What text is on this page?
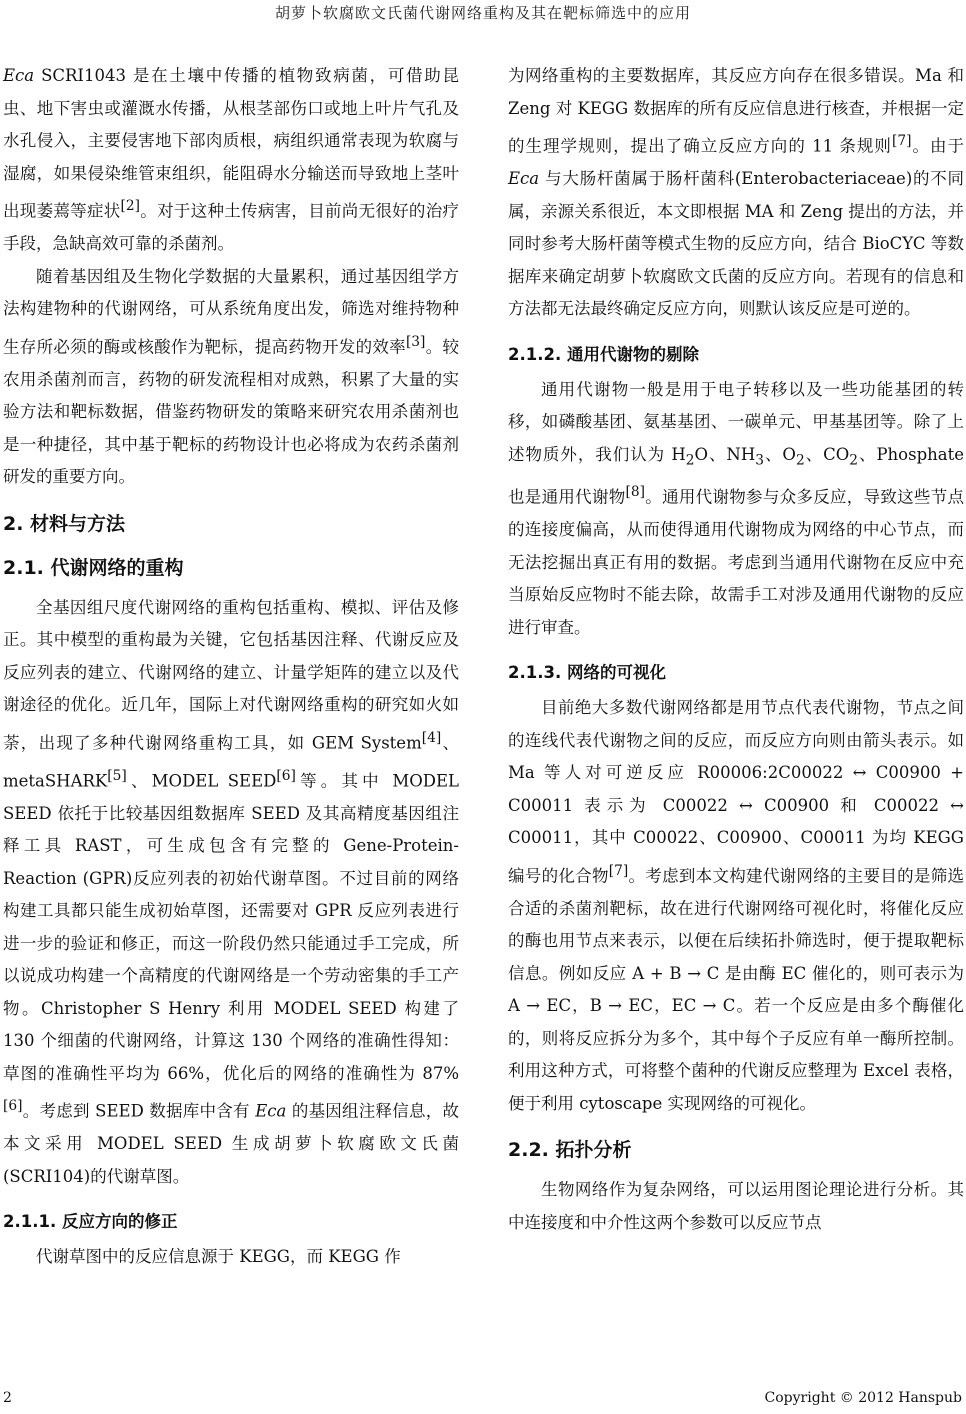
胡萝卜软腐欧文氏菌代谢网络重构及其在靶标筛选中的应用

Eca SCRI1043 是在土壤中传播的植物致病菌，可借助昆虫、地下害虫或灌溉水传播，从根茎部伤口或地上叶片气孔及水孔侵入，主要侵害地下部肉质根，病组织通常表现为软腐与湿腐，如果侵染维管束组织，能阻碍水分输送而导致地上茎叶出现萎蔫等症状[2]。对于这种土传病害，目前尚无很好的治疗手段，急缺高效可靠的杀菌剂。

随着基因组及生物化学数据的大量累积，通过基因组学方法构建物种的代谢网络，可从系统角度出发，筛选对维持物种生存所必须的酶或核酸作为靶标，提高药物开发的效率[3]。较农用杀菌剂而言，药物的研发流程相对成熟，积累了大量的实验方法和靶标数据，借鉴药物研发的策略来研究农用杀菌剂也是一种捷径，其中基于靶标的药物设计也必将成为农药杀菌剂研发的重要方向。

2. 材料与方法
2.1. 代谢网络的重构

全基因组尺度代谢网络的重构包括重构、模拟、评估及修正。其中模型的重构最为关键，它包括基因注释、代谢反应及反应列表的建立、代谢网络的建立、计量学矩阵的建立以及代谢途径的优化。近几年，国际上对代谢网络重构的研究如火如荼，出现了多种代谢网络重构工具，如 GEM System[4]、metaSHARK[5]、MODEL SEED[6]等。其中 MODEL SEED 依托于比较基因组数据库 SEED 及其高精度基因组注释工具 RAST，可生成包含有完整的 Gene-Protein-Reaction (GPR)反应列表的初始代谢草图。不过目前的网络构建工具都只能生成初始草图，还需要对 GPR 反应列表进行进一步的验证和修正，而这一阶段仍然只能通过手工完成，所以说成功构建一个高精度的代谢网络是一个劳动密集的手工产物。Christopher S Henry 利用 MODEL SEED 构建了 130 个细菌的代谢网络，计算这 130 个网络的准确性得知：草图的准确性平均为 66%，优化后的网络的准确性为 87%[6]。考虑到 SEED 数据库中含有 Eca 的基因组注释信息，故本文采用 MODEL SEED 生成胡萝卜软腐欧文氏菌(SCRI104)的代谢草图。

2.1.1. 反应方向的修正

代谢草图中的反应信息源于 KEGG，而 KEGG 作

为网络重构的主要数据库，其反应方向存在很多错误。Ma 和 Zeng 对 KEGG 数据库的所有反应信息进行核查，并根据一定的生理学规则，提出了确立反应方向的 11 条规则[7]。由于 Eca 与大肠杆菌属于肠杆菌科(Enterobacteriaceae)的不同属，亲源关系很近，本文即根据 MA 和 Zeng 提出的方法，并同时参考大肠杆菌等模式生物的反应方向，结合 BioCYC 等数据库来确定胡萝卜软腐欧文氏菌的反应方向。若现有的信息和方法都无法最终确定反应方向，则默认该反应是可逆的。

2.1.2. 通用代谢物的剔除

通用代谢物一般是用于电子转移以及一些功能基团的转移，如磷酸基团、氨基基团、一碳单元、甲基基团等。除了上述物质外，我们认为 $H_2O$、$NH_3$、$O_2$、$CO_2$、Phosphate 也是通用代谢物[8]。通用代谢物参与众多反应，导致这些节点的连接度偏高，从而使得通用代谢物成为网络的中心节点，而无法挖掘出真正有用的数据。考虑到当通用代谢物在反应中充当原始反应物时不能去除，故需手工对涉及通用代谢物的反应进行审查。

2.1.3. 网络的可视化

目前绝大多数代谢网络都是用节点代表代谢物，节点之间的连线代表代谢物之间的反应，而反应方向则由箭头表示。如 Ma 等人对可逆反应 R00006:2C00022 ↔ C00900 + C00011 表示为 C00022 ↔ C00900 和 C00022 ↔ C00011，其中 C00022、C00900、C00011 为均 KEGG 编号的化合物[7]。考虑到本文构建代谢网络的主要目的是筛选合适的杀菌剂靶标，故在进行代谢网络可视化时，将催化反应的酶也用节点来表示，以便在后续拓扑筛选时，便于提取靶标信息。例如反应 A + B → C 是由酶 EC 催化的，则可表示为 A → EC，B → EC，EC → C。若一个反应是由多个酶催化的，则将反应拆分为多个，其中每个子反应有单一酶所控制。利用这种方式，可将整个菌种的代谢反应整理为 Excel 表格，便于利用 cytoscape 实现网络的可视化。

2.2. 拓扑分析

生物网络作为复杂网络，可以运用图论理论进行分析。其中连接度和中介性这两个参数可以反应节点

2	Copyright © 2012 Hanspub
